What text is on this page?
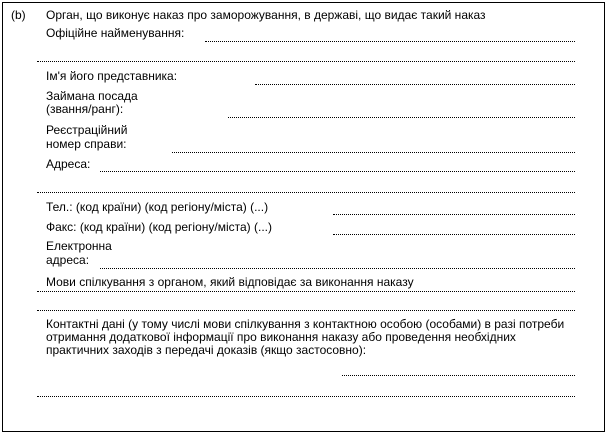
(b) Орган, що виконує наказ про заморожування, в державі, що видає такий наказ
Офіційне найменування:
Ім'я його представника:
Займана посада
(звання/ранг):
Реєстраційний
номер справи:
Адреса:
Тел.: (код країни) (код регіону/міста) (...)
Факс: (код країни) (код регіону/міста) (...)
Електронна
адреса:
Мови спілкування з органом, який відповідає за виконання наказу
Контактні дані (у тому числі мови спілкування з контактною особою (особами) в разі потреби отримання додаткової інформації про виконання наказу або проведення необхідних практичних заходів з передачі доказів (якщо застосовно):
